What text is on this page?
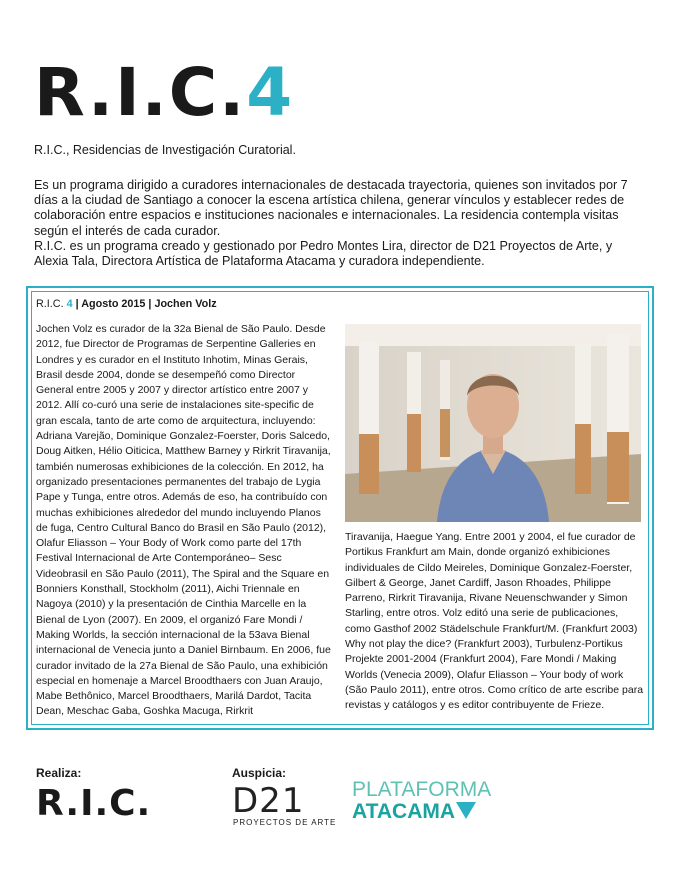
R.I.C.4
R.I.C., Residencias de Investigación Curatorial.

Es un programa dirigido a curadores internacionales de destacada trayectoria, quienes son invitados por 7 días a la ciudad de Santiago a conocer la escena artística chilena, generar vínculos y establecer redes de colaboración entre espacios e instituciones nacionales e internacionales. La residencia contempla visitas según el interés de cada curador.

R.I.C. es un programa creado y gestionado por Pedro Montes Lira, director de D21 Proyectos de Arte, y Alexia Tala, Directora Artística de Plataforma Atacama y curadora independiente.

R.I.C. 4 | Agosto 2015 | Jochen Volz
Jochen Volz es curador de la 32a Bienal de São Paulo. Desde 2012, fue Director de Programas de Serpentine Galleries en Londres y es curador en el Instituto Inhotim, Minas Gerais, Brasil desde 2004, donde se desempeñó como Director General entre 2005 y 2007 y director artístico entre 2007 y 2012. Allí co-curó una serie de instalaciones site-specific de gran escala, tanto de arte como de arquitectura, incluyendo: Adriana Varejão, Dominique Gonzalez-Foerster, Doris Salcedo, Doug Aitken, Hélio Oiticica, Matthew Barney y Rirkrit Tiravanija, también numerosas exhibiciones de la colección. En 2012, ha organizado presentaciones permanentes del trabajo de Lygia Pape y Tunga, entre otros. Además de eso, ha contribuído con muchas exhibiciones alrededor del mundo incluyendo Planos de fuga, Centro Cultural Banco do Brasil en São Paulo (2012), Olafur Eliasson – Your Body of Work como parte del 17th Festival Internacional de Arte Contemporáneo– Sesc Videobrasil en São Paulo (2011), The Spiral and the Square en Bonniers Konsthall, Stockholm (2011), Aichi Triennale en Nagoya (2010) y la presentación de Cinthia Marcelle en la Bienal de Lyon (2007). En 2009, el organizó Fare Mondi / Making Worlds, la sección internacional de la 53ava Bienal internacional de Venecia junto a Daniel Birnbaum. En 2006, fue curador invitado de la 27a Bienal de São Paulo, una exhibición especial en homenaje a Marcel Broodthaers con Juan Araujo, Mabe Bethônico, Marcel Broodthaers, Marilá Dardot, Tacita Dean, Meschac Gaba, Goshka Macuga, Rirkrit
Tiravanija, Haegue Yang. Entre 2001 y 2004, el fue curador de Portikus Frankfurt am Main, donde organizó exhibiciones individuales de Cildo Meireles, Dominique Gonzalez-Foerster, Gilbert & George, Janet Cardiff, Jason Rhoades, Philippe Parreno, Rirkrit Tiravanija, Rivane Neuenschwander y Simon Starling, entre otros. Volz editó una serie de publicaciones, como Gasthof 2002 Städelschule Frankfurt/M. (Frankfurt 2003) Why not play the dice? (Frankfurt 2003), Turbulenz-Portikus Projekte 2001-2004 (Frankfurt 2004), Fare Mondi / Making Worlds (Venecia 2009), Olafur Eliasson – Your body of work (São Paulo 2011), entre otros. Como crítico de arte escribe para revistas y catálogos y es editor contribuyente de Frieze.
Realiza:
R.I.C.
Auspicia:
D21
PROYECTOS DE ARTE
PLATAFORMA
ATACAMA
